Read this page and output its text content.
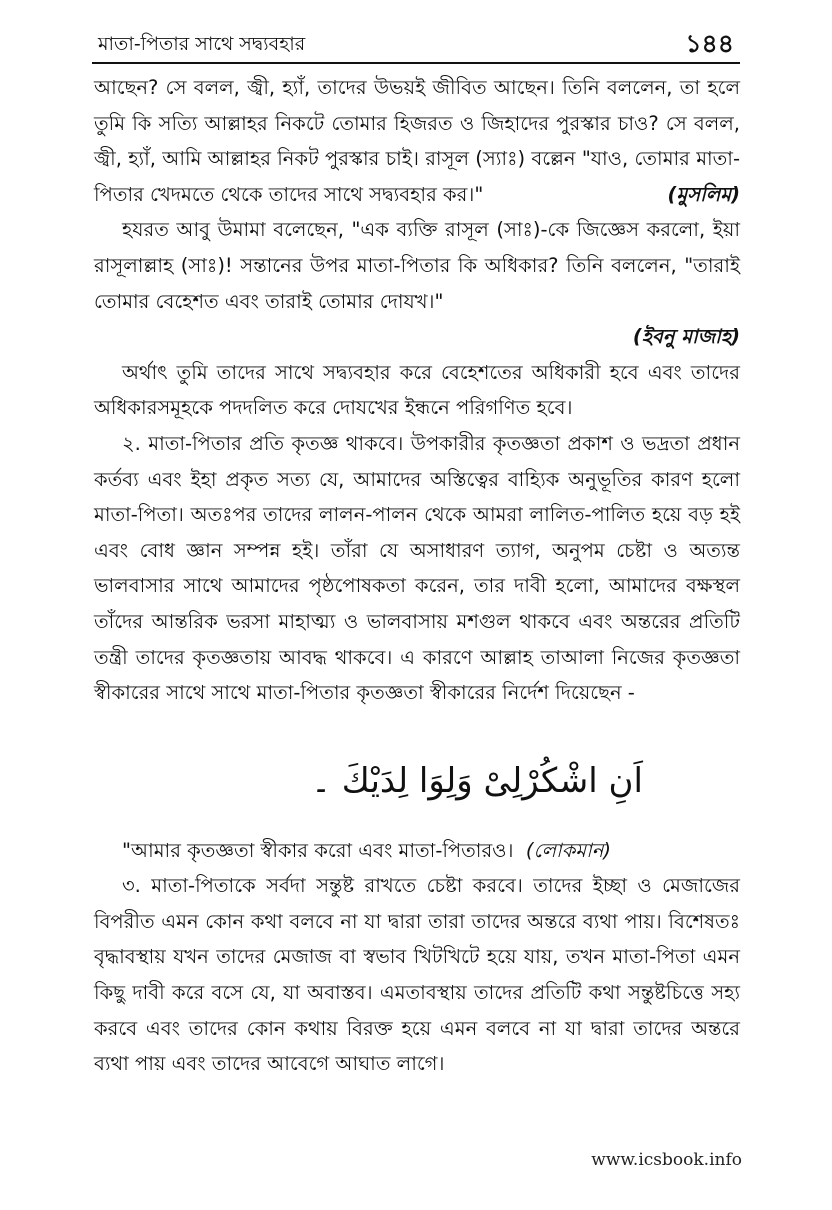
মাতা-পিতার সাথে সদ্ব্যবহার	১৪৪

আছেন? সে বলল, জ্বী, হ্যাঁ, তাদের উভয়ই জীবিত আছেন। তিনি বললেন, তা হলে তুমি কি সত্যি আল্লাহর নিকটে তোমার হিজরত ও জিহাদের পুরস্কার চাও? সে বলল, জ্বী, হ্যাঁ, আমি আল্লাহর নিকট পুরস্কার চাই। রাসূল (স্যাঃ) বল্লেন "যাও, তোমার মাতা-পিতার খেদমতে থেকে তাদের সাথে সদ্ব্যবহার কর।"	(মুসলিম)

হযরত আবু উমামা বলেছেন, "এক ব্যক্তি রাসূল (সাঃ)-কে জিজ্ঞেস করলো, ইয়া রাসূলাল্লাহ (সাঃ)! সন্তানের উপর মাতা-পিতার কি অধিকার? তিনি বললেন, "তারাই তোমার বেহেশত এবং তারাই তোমার দোযখ।"

(ইবনু মাজাহ)

অর্থাৎ তুমি তাদের সাথে সদ্ব্যবহার করে বেহেশতের অধিকারী হবে এবং তাদের অধিকারসমূহকে পদদলিত করে দোযখের ইন্ধনে পরিগণিত হবে।

২. মাতা-পিতার প্রতি কৃতজ্ঞ থাকবে। উপকারীর কৃতজ্ঞতা প্রকাশ ও ভদ্রতা প্রধান কর্তব্য এবং ইহা প্রকৃত সত্য যে, আমাদের অস্তিত্বের বাহ্যিক অনুভূতির কারণ হলো মাতা-পিতা। অতঃপর তাদের লালন-পালন থেকে আমরা লালিত-পালিত হয়ে বড় হই এবং বোধ জ্ঞান সম্পন্ন হই। তাঁরা যে অসাধারণ ত্যাগ, অনুপম চেষ্টা ও অত্যন্ত ভালবাসার সাথে আমাদের পৃষ্ঠপোষকতা করেন, তার দাবী হলো, আমাদের বক্ষস্থল তাঁদের আন্তরিক ভরসা মাহাত্ম্য ও ভালবাসায় মশগুল থাকবে এবং অন্তরের প্রতিটি তন্ত্রী তাদের কৃতজ্ঞতায় আবদ্ধ থাকবে। এ কারণে আল্লাহ তাআলা নিজের কৃতজ্ঞতা স্বীকারের সাথে সাথে মাতা-পিতার কৃতজ্ঞতা স্বীকারের নির্দেশ দিয়েছেন -

اَنِ اشْكُرْلِىْ وَلِوَا لِدَيْكَ ۔

"আমার কৃতজ্ঞতা স্বীকার করো এবং মাতা-পিতারও। (লোকমান)

৩. মাতা-পিতাকে সর্বদা সন্তুষ্ট রাখতে চেষ্টা করবে। তাদের ইচ্ছা ও মেজাজের বিপরীত এমন কোন কথা বলবে না যা দ্বারা তারা তাদের অন্তরে ব্যথা পায়। বিশেষতঃ বৃদ্ধাবস্থায় যখন তাদের মেজাজ বা স্বভাব খিটখিটে হয়ে যায়, তখন মাতা-পিতা এমন কিছু দাবী করে বসে যে, যা অবাস্তব। এমতাবস্থায় তাদের প্রতিটি কথা সন্তুষ্টচিত্তে সহ্য করবে এবং তাদের কোন কথায় বিরক্ত হয়ে এমন বলবে না যা দ্বারা তাদের অন্তরে ব্যথা পায় এবং তাদের আবেগে আঘাত লাগে।

www.icsbook.info
